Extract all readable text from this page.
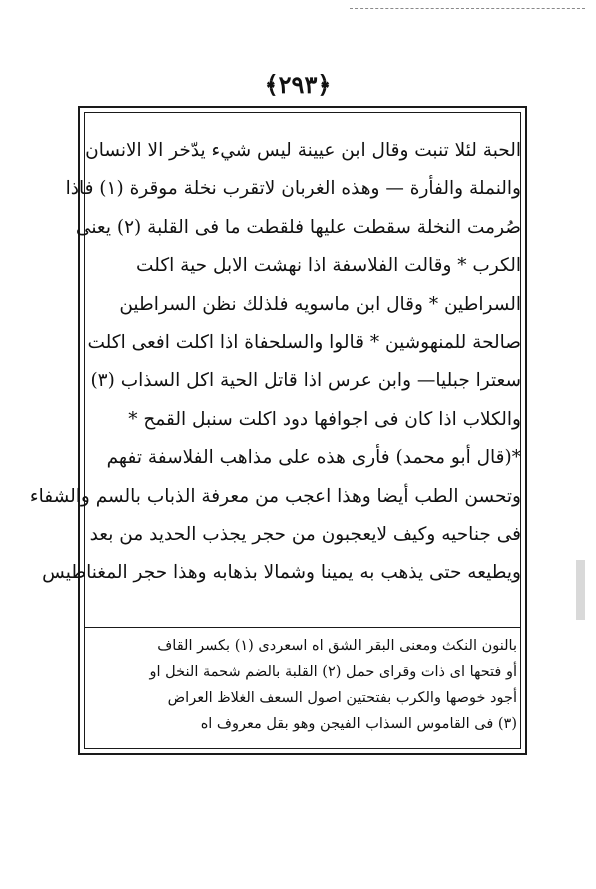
﴿۲۹۳﴾
الحبة لئلا تنبت وقال ابن عيينة ليس شيء يدّخر الا الانسان
والنملة والفأرة — وهذه الغربان لاتقرب نخلة موقرة (١) فاذا
صُرمت النخلة سقطت عليها فلقطت ما فى القلبة (٢) يعنى
الكرب * وقالت الفلاسفة اذا نهشت الابل حية اكلت
السراطين * وقال ابن ماسويه فلذلك نظن السراطين
صالحة للمنهوشين * قالوا والسلحفاة اذا اكلت افعى اكلت
سعترا جبليا— وابن عرس اذا قاتل الحية اكل السذاب (٣)
والكلاب اذا كان فى اجوافها دود اكلت سنبل القمح *
*(قال أبو محمد) فأرى هذه على مذاهب الفلاسفة تفهم
وتحسن الطب أيضا وهذا اعجب من معرفة الذباب بالسم والشفاء
فى جناحيه وكيف لايعجبون من حجر يجذب الحديد من بعد
ويطيعه حتى يذهب به يمينا وشمالا بذهابه وهذا حجر المغناطيس
بالنون النكث ومعنى البقر الشق اه اسعردى (١) بكسر القاف
أو فتحها اى ذات وقراى حمل (٢) القلبة بالضم شحمة النخل او
أجود خوصها والكرب بفتحتين اصول السعف الغلاظ العراض
(٣) فى القاموس السذاب الفيجن وهو بقل معروف اه
